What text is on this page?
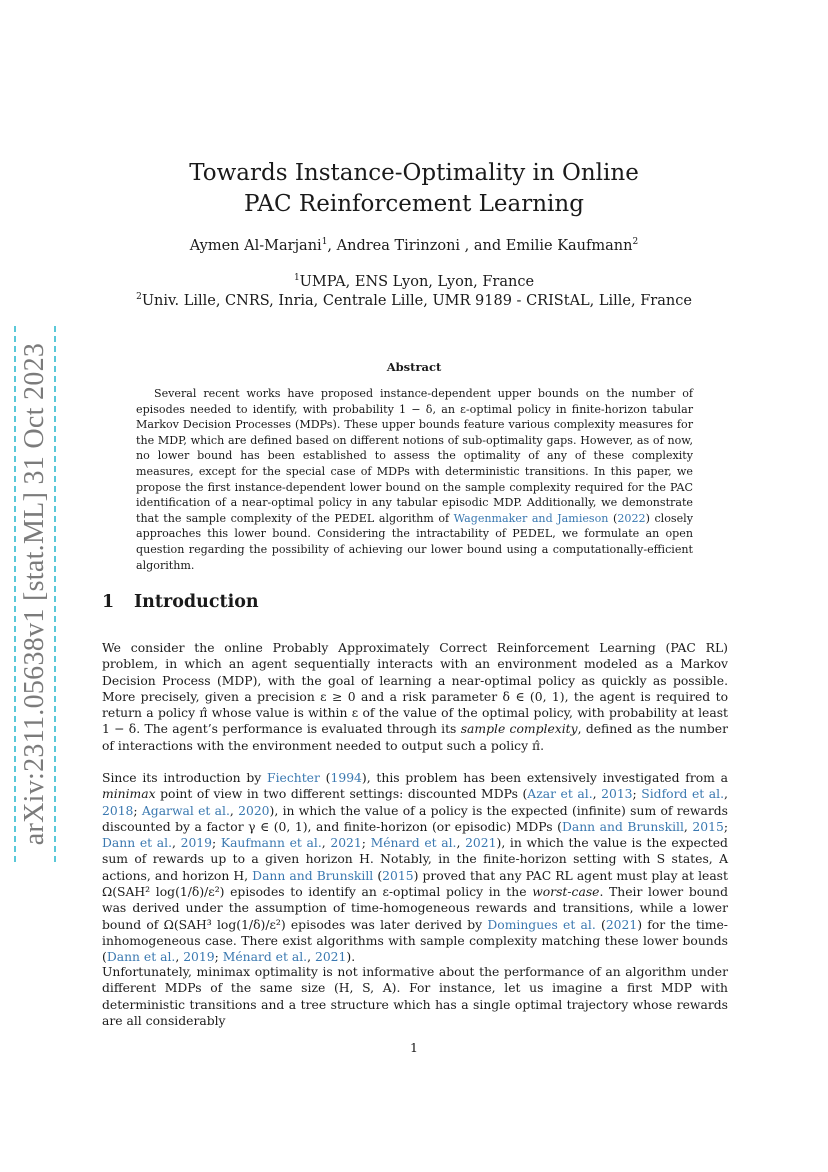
arXiv:2311.05638v1 [stat.ML] 31 Oct 2023
Towards Instance-Optimality in Online
PAC Reinforcement Learning
Aymen Al-Marjani$^1$, Andrea Tirinzoni , and Emilie Kaufmann$^2$
$^1$UMPA, ENS Lyon, Lyon, France
$^2$Univ. Lille, CNRS, Inria, Centrale Lille, UMR 9189 - CRIStAL, Lille, France
Abstract

Several recent works have proposed instance-dependent upper bounds on the number of episodes needed to identify, with probability 1 − δ, an ε-optimal policy in finite-horizon tabular Markov Decision Processes (MDPs). These upper bounds feature various complexity measures for the MDP, which are defined based on different notions of sub-optimality gaps. However, as of now, no lower bound has been established to assess the optimality of any of these complexity measures, except for the special case of MDPs with deterministic transitions. In this paper, we propose the first instance-dependent lower bound on the sample complexity required for the PAC identification of a near-optimal policy in any tabular episodic MDP. Additionally, we demonstrate that the sample complexity of the PEDEL algorithm of Wagenmaker and Jamieson (2022) closely approaches this lower bound. Considering the intractability of PEDEL, we formulate an open question regarding the possibility of achieving our lower bound using a computationally-efficient algorithm.

1 Introduction

We consider the online Probably Approximately Correct Reinforcement Learning (PAC RL) problem, in which an agent sequentially interacts with an environment modeled as a Markov Decision Process (MDP), with the goal of learning a near-optimal policy as quickly as possible. More precisely, given a precision ε ≥ 0 and a risk parameter δ ∈ (0, 1), the agent is required to return a policy π̂ whose value is within ε of the value of the optimal policy, with probability at least 1 − δ. The agent’s performance is evaluated through its sample complexity, defined as the number of interactions with the environment needed to output such a policy π̂.

Since its introduction by Fiechter (1994), this problem has been extensively investigated from a minimax point of view in two different settings: discounted MDPs (Azar et al., 2013; Sidford et al., 2018; Agarwal et al., 2020), in which the value of a policy is the expected (infinite) sum of rewards discounted by a factor γ ∈ (0, 1), and finite-horizon (or episodic) MDPs (Dann and Brunskill, 2015; Dann et al., 2019; Kaufmann et al., 2021; Ménard et al., 2021), in which the value is the expected sum of rewards up to a given horizon H. Notably, in the finite-horizon setting with S states, A actions, and horizon H, Dann and Brunskill (2015) proved that any PAC RL agent must play at least Ω(SAH² log(1/δ)/ε²) episodes to identify an ε-optimal policy in the worst-case. Their lower bound was derived under the assumption of time-homogeneous rewards and transitions, while a lower bound of Ω(SAH³ log(1/δ)/ε²) episodes was later derived by Domingues et al. (2021) for the time-inhomogeneous case. There exist algorithms with sample complexity matching these lower bounds (Dann et al., 2019; Ménard et al., 2021).

Unfortunately, minimax optimality is not informative about the performance of an algorithm under different MDPs of the same size (H, S, A). For instance, let us imagine a first MDP with deterministic transitions and a tree structure which has a single optimal trajectory whose rewards are all considerably

1
